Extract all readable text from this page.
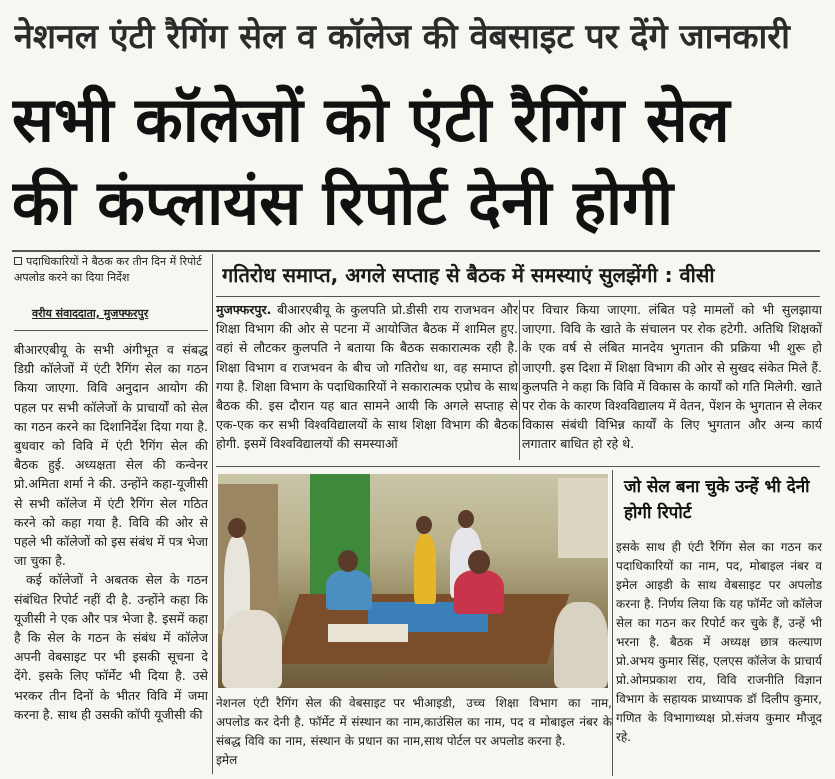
नेशनल एंटी रैगिंग सेल व कॉलेज की वेबसाइट पर देंगे जानकारी
सभी कॉलेजों को एंटी रैगिंग सेल
की कंप्लायंस रिपोर्ट देनी होगी
पदाधिकारियों ने बैठक कर तीन दिन में रिपोर्ट अपलोड करने का दिया निर्देश
वरीय संवाददाता, मुजफ्फरपुर

बीआरएबीयू के सभी अंगीभूत व संबद्ध डिग्री कॉलेजों में एंटी रैगिंग सेल का गठन किया जाएगा. विवि अनुदान आयोग की पहल पर सभी कॉलेजों के प्राचार्यों को सेल का गठन करने का दिशानिर्देश दिया गया है. बुधवार को विवि में एंटी रैगिंग सेल की बैठक हुई. अध्यक्षता सेल की कन्वेनर प्रो.अमिता शर्मा ने की. उन्होंने कहा-यूजीसी से सभी कॉलेज में एंटी रैगिंग सेल गठित करने को कहा गया है. विवि की ओर से पहले भी कॉलेजों को इस संबंध में पत्र भेजा जा चुका है.

कई कॉलेजों ने अबतक सेल के गठन संबंधित रिपोर्ट नहीं दी है. उन्होंने कहा कि यूजीसी ने एक और पत्र भेजा है. इसमें कहा है कि सेल के गठन के संबंध में कॉलेज अपनी वेबसाइट पर भी इसकी सूचना दे देंगे. इसके लिए फॉर्मेट भी दिया है. उसे भरकर तीन दिनों के भीतर विवि में जमा करना है. साथ ही उसकी कॉपी यूजीसी की

गतिरोध समाप्त, अगले सप्ताह से बैठक में समस्याएं सुलझेंगी : वीसी
मुजफ्फरपुर. बीआरएबीयू के कुलपति प्रो.डीसी राय राजभवन और शिक्षा विभाग की ओर से पटना में आयोजित बैठक में शामिल हुए. वहां से लौटकर कुलपति ने बताया कि बैठक सकारात्मक रही है. शिक्षा विभाग व राजभवन के बीच जो गतिरोध था, वह समाप्त हो गया है. शिक्षा विभाग के पदाधिकारियों ने सकारात्मक एप्रोच के साथ बैठक की. इस दौरान यह बात सामने आयी कि अगले सप्ताह से एक-एक कर सभी विश्वविद्यालयों के साथ शिक्षा विभाग की बैठक होगी. इसमें विश्वविद्यालयों की समस्याओं
पर विचार किया जाएगा. लंबित पड़े मामलों को भी सुलझाया जाएगा. विवि के खाते के संचालन पर रोक हटेगी. अतिथि शिक्षकों के एक वर्ष से लंबित मानदेय भुगतान की प्रक्रिया भी शुरू हो जाएगी. इस दिशा में शिक्षा विभाग की ओर से सुखद संकेत मिले हैं. कुलपति ने कहा कि विवि में विकास के कार्यों को गति मिलेगी. खाते पर रोक के कारण विश्वविद्यालय में वेतन, पेंशन के भुगतान से लेकर विकास संबंधी विभिन्न कार्यों के लिए भुगतान और अन्य कार्य लगातार बाधित हो रहे थे.
जो सेल बना चुके उन्हें भी देनी होगी रिपोर्ट
इसके साथ ही एंटी रैगिंग सेल का गठन कर पदाधिकारियों का नाम, पद, मोबाइल नंबर व इमेल आइडी के साथ वेबसाइट पर अपलोड करना है. निर्णय लिया कि यह फॉर्मेट जो कॉलेज सेल का गठन कर रिपोर्ट कर चुके हैं, उन्हें भी भरना है. बैठक में अध्यक्ष छात्र कल्याण प्रो.अभय कुमार सिंह, एलएस कॉलेज के प्राचार्य प्रो.ओमप्रकाश राय, विवि राजनीति विज्ञान विभाग के सहायक प्राध्यापक डॉ दिलीप कुमार, गणित के विभागाध्यक्ष प्रो.संजय कुमार मौजूद रहे.
नेशनल एंटी रैगिंग सेल की वेबसाइट पर भी अपलोड कर देनी है. फॉर्मेट में संस्थान का नाम, संबद्ध विवि का नाम, संस्थान के प्रधान का नाम, इमेल
आइडी, उच्च शिक्षा विभाग का नाम, काउंसिल का नाम, पद व मोबाइल नंबर के साथ पोर्टल पर अपलोड करना है.
